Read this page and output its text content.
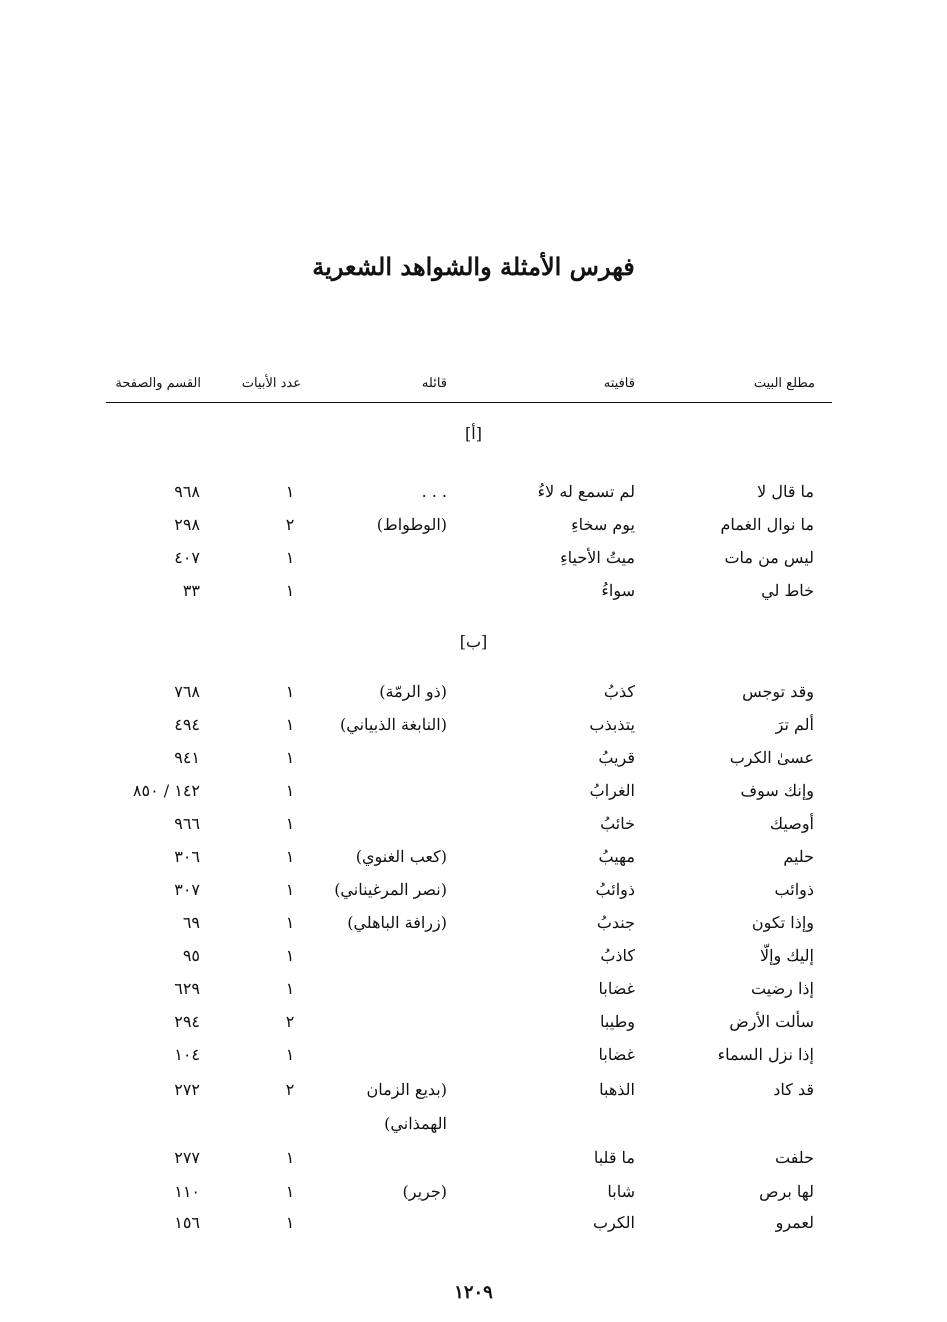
فهرس الأمثلة والشواهد الشعرية
مطلع البيت
قافيته
قائله
عدد الأبيات
القسم والصفحة
[أ]
ما قال لا
لم تسمع له لاءُ
. . .
١
٩٦٨
ما نوال الغمام
يوم سخاءِ
(الوطواط)
٢
٢٩٨
ليس من مات
ميتُ الأحياءِ
١
٤٠٧
خاط لي
سواءُ
١
٣٣
[ب]
وقد توجس
كذبُ
(ذو الرمّة)
١
٧٦٨
ألم ترَ
يتذبذب
(النابغة الذبياني)
١
٤٩٤
عسىٰ الكرب
قريبُ
١
٩٤١
وإنك سوف
الغرابُ
١
١٤٢ / ٨٥٠
أوصيك
خائبُ
١
٩٦٦
حليم
مهيبُ
(كعب الغنوي)
١
٣٠٦
ذوائب
ذوائبُ
(نصر المرغيناني)
١
٣٠٧
وإذا تكون
جندبُ
(زرافة الباهلي)
١
٦٩
إليك وإلّا
كاذبُ
١
٩٥
إذا رضيت
غضابا
١
٦٢٩
سألت الأرض
وطيبا
٢
٢٩٤
إذا نزل السماء
غضابا
١
١٠٤
قد كاد
الذهبا
(بديع الزمان
٢
٢٧٢
الهمذاني)
حلفت
ما قلبا
١
٢٧٧
لها برص
شابا
(جرير)
١
١١٠
لعمرو
الكرب
١
١٥٦
١٢٠٩
